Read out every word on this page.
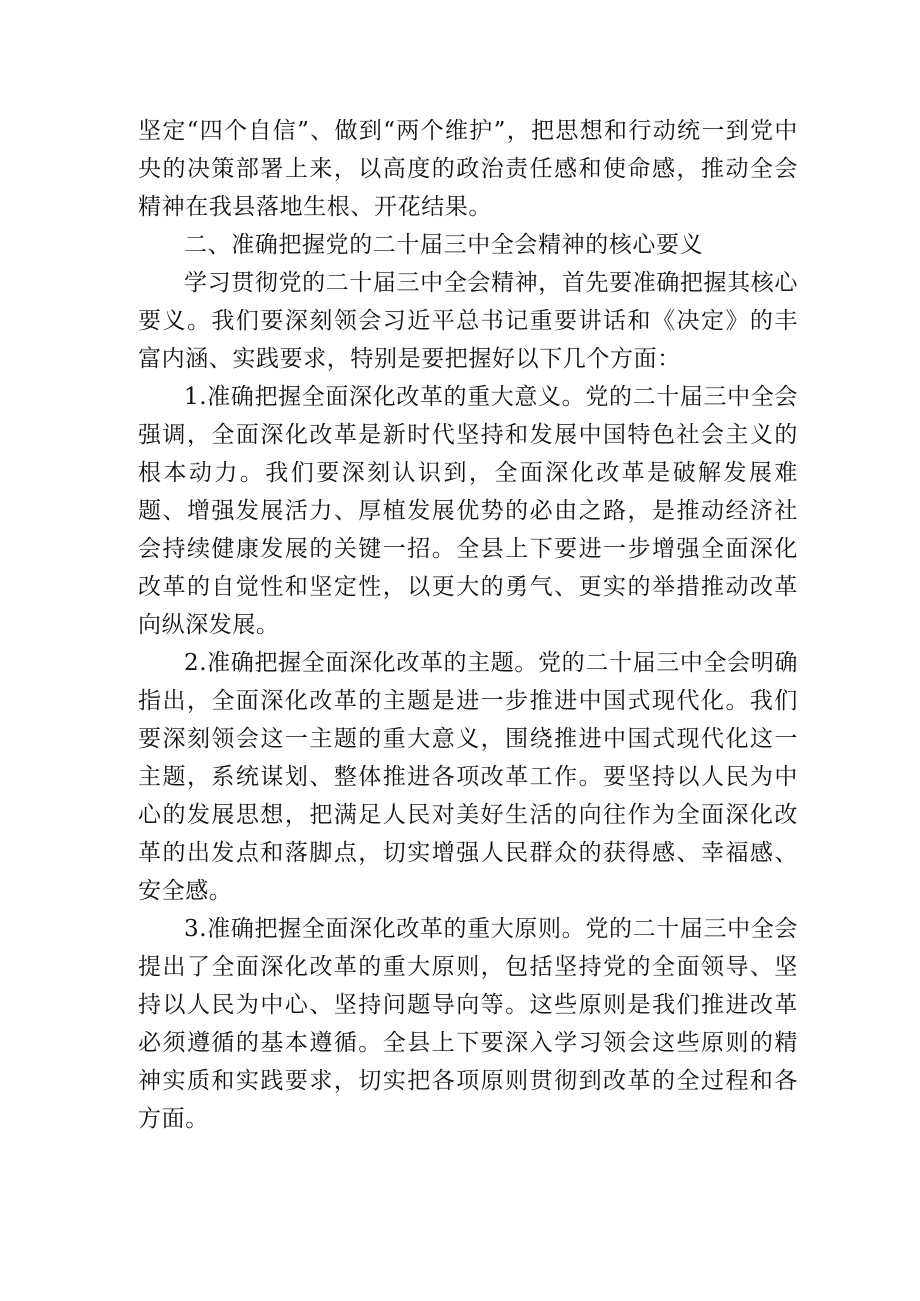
坚定“四个自信”、做到“两个维护”，把思想和行动统一到党中央的决策部署上来，以高度的政治责任感和使命感，推动全会精神在我县落地生根、开花结果。

二、准确把握党的二十届三中全会精神的核心要义

学习贯彻党的二十届三中全会精神，首先要准确把握其核心要义。我们要深刻领会习近平总书记重要讲话和《决定》的丰富内涵、实践要求，特别是要把握好以下几个方面：

1.准确把握全面深化改革的重大意义。党的二十届三中全会强调，全面深化改革是新时代坚持和发展中国特色社会主义的根本动力。我们要深刻认识到，全面深化改革是破解发展难题、增强发展活力、厚植发展优势的必由之路，是推动经济社会持续健康发展的关键一招。全县上下要进一步增强全面深化改革的自觉性和坚定性，以更大的勇气、更实的举措推动改革向纵深发展。

2.准确把握全面深化改革的主题。党的二十届三中全会明确指出，全面深化改革的主题是进一步推进中国式现代化。我们要深刻领会这一主题的重大意义，围绕推进中国式现代化这一主题，系统谋划、整体推进各项改革工作。要坚持以人民为中心的发展思想，把满足人民对美好生活的向往作为全面深化改革的出发点和落脚点，切实增强人民群众的获得感、幸福感、安全感。

3.准确把握全面深化改革的重大原则。党的二十届三中全会提出了全面深化改革的重大原则，包括坚持党的全面领导、坚持以人民为中心、坚持问题导向等。这些原则是我们推进改革必须遵循的基本遵循。全县上下要深入学习领会这些原则的精神实质和实践要求，切实把各项原则贯彻到改革的全过程和各方面。
